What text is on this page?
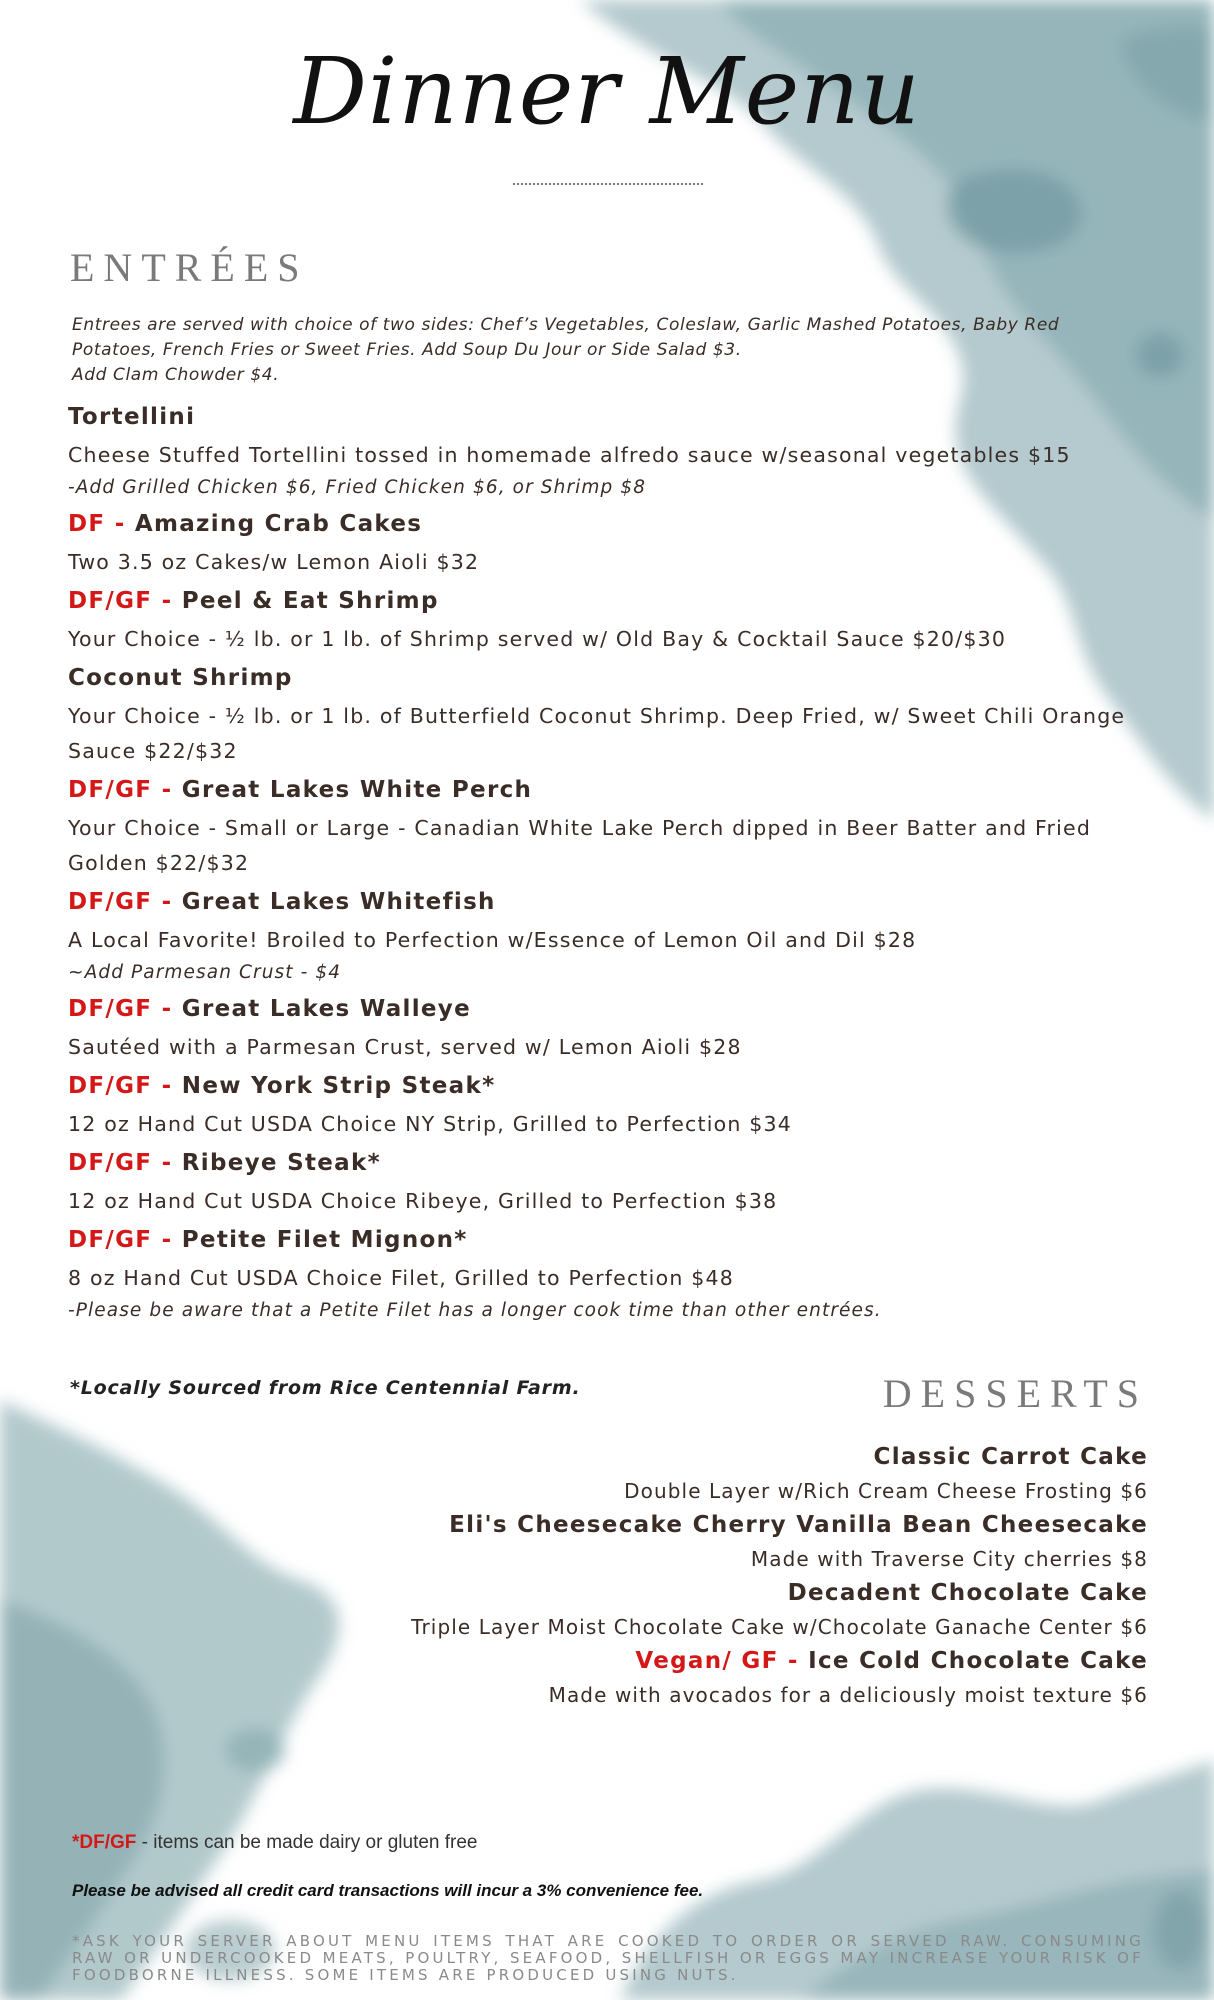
Dinner Menu
ENTRÉES
Entrees are served with choice of two sides: Chef’s Vegetables, Coleslaw, Garlic Mashed Potatoes, Baby Red
Potatoes, French Fries or Sweet Fries. Add Soup Du Jour or Side Salad $3.
Add Clam Chowder $4.
Tortellini
Cheese Stuffed Tortellini tossed in homemade alfredo sauce w/seasonal vegetables $15
-Add Grilled Chicken $6, Fried Chicken $6, or Shrimp $8
DF - Amazing Crab Cakes
Two 3.5 oz Cakes/w Lemon Aioli $32
DF/GF - Peel & Eat Shrimp
Your Choice - ½ lb. or 1 lb. of Shrimp served w/ Old Bay & Cocktail Sauce $20/$30
Coconut Shrimp
Your Choice - ½ lb. or 1 lb. of Butterfield Coconut Shrimp. Deep Fried, w/ Sweet Chili Orange Sauce $22/$32
DF/GF - Great Lakes White Perch
Your Choice - Small or Large - Canadian White Lake Perch dipped in Beer Batter and Fried Golden $22/$32
DF/GF - Great Lakes Whitefish
A Local Favorite! Broiled to Perfection w/Essence of Lemon Oil and Dil $28
~Add Parmesan Crust - $4
DF/GF - Great Lakes Walleye
Sautéed with a Parmesan Crust, served w/ Lemon Aioli $28
DF/GF - New York Strip Steak*
12 oz Hand Cut USDA Choice NY Strip, Grilled to Perfection $34
DF/GF - Ribeye Steak*
12 oz Hand Cut USDA Choice Ribeye, Grilled to Perfection $38
DF/GF - Petite Filet Mignon*
8 oz Hand Cut USDA Choice Filet, Grilled to Perfection $48
-Please be aware that a Petite Filet has a longer cook time than other entrées.
*Locally Sourced from Rice Centennial Farm.	DESSERTS
Classic Carrot Cake
Double Layer w/Rich Cream Cheese Frosting $6
Eli's Cheesecake Cherry Vanilla Bean Cheesecake
Made with Traverse City cherries $8
Decadent Chocolate Cake
Triple Layer Moist Chocolate Cake w/Chocolate Ganache Center $6
Vegan/ GF - Ice Cold Chocolate Cake
Made with avocados for a deliciously moist texture $6
*DF/GF - items can be made dairy or gluten free
Please be advised all credit card transactions will incur a 3% convenience fee.
*ASK YOUR SERVER ABOUT MENU ITEMS THAT ARE COOKED TO ORDER OR SERVED RAW. CONSUMING RAW OR UNDERCOOKED MEATS, POULTRY, SEAFOOD, SHELLFISH OR EGGS MAY INCREASE YOUR RISK OF FOODBORNE ILLNESS. SOME ITEMS ARE PRODUCED USING NUTS.
